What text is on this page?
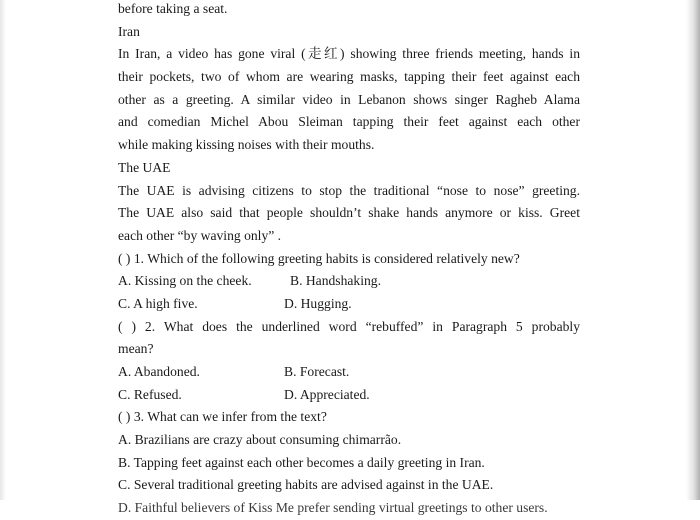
before taking a seat.
Iran
In Iran, a video has gone viral (走红) showing three friends meeting, hands in
their pockets, two of whom are wearing masks, tapping their feet against each
other as a greeting. A similar video in Lebanon shows singer Ragheb Alama
and comedian Michel Abou Sleiman tapping their feet against each other
while making kissing noises with their mouths.
The UAE
The UAE is advising citizens to stop the traditional “nose to nose” greeting.
The UAE also said that people shouldn’t shake hands anymore or kiss. Greet
each other “by waving only” .
( ) 1. Which of the following greeting habits is considered relatively new?
A. Kissing on the cheek.	B. Handshaking.
C. A high five.	D. Hugging.
( ) 2. What does the underlined word “rebuffed” in Paragraph 5 probably
mean?
A. Abandoned.	B. Forecast.
C. Refused.	D. Appreciated.
( ) 3. What can we infer from the text?
A. Brazilians are crazy about consuming chimarrão.
B. Tapping feet against each other becomes a daily greeting in Iran.
C. Several traditional greeting habits are advised against in the UAE.
D. Faithful believers of Kiss Me prefer sending virtual greetings to other users.
